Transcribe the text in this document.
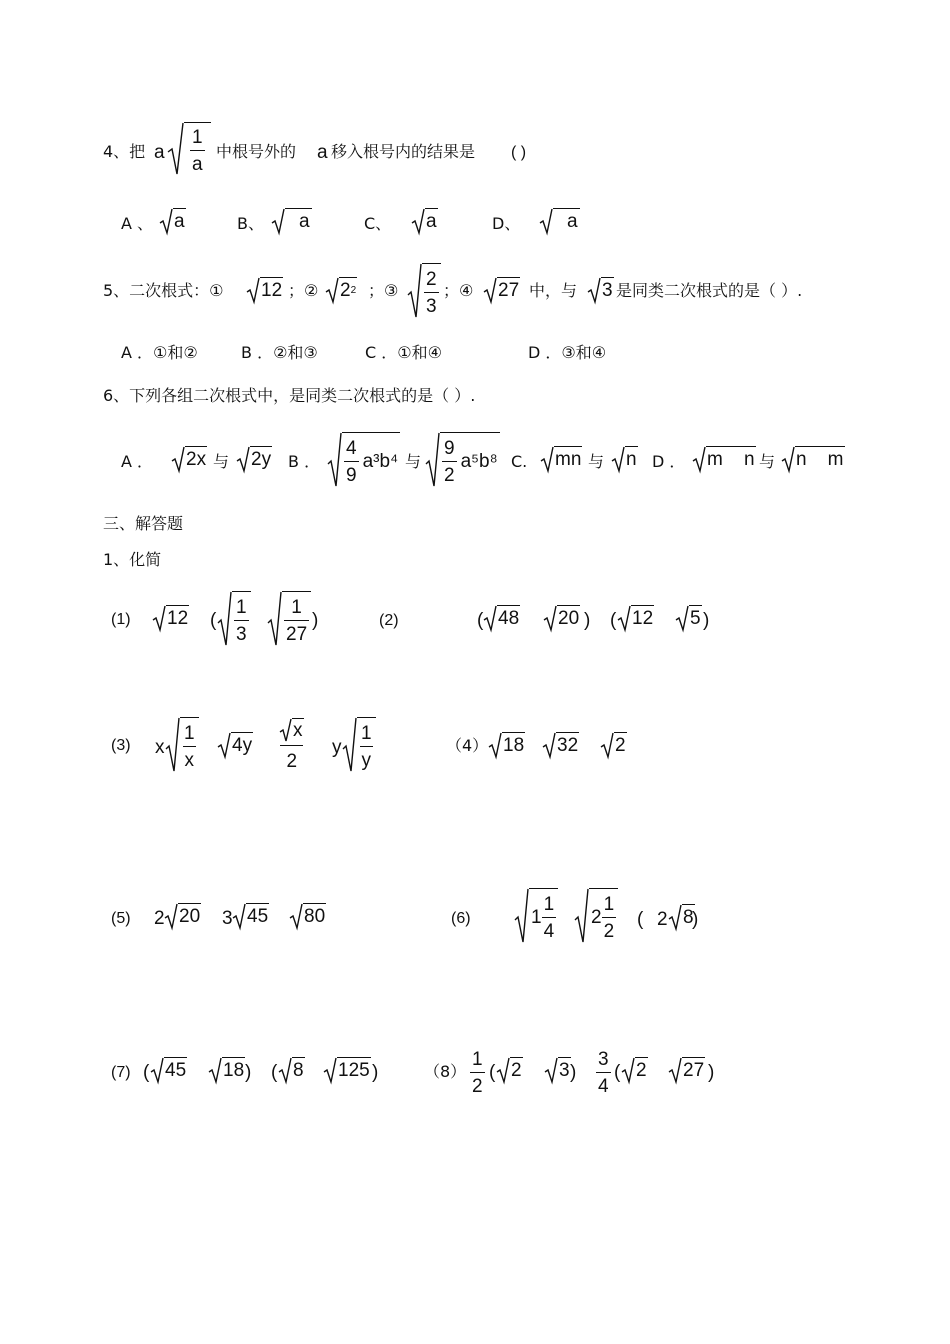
4、把 a
1
a
中根号外的 a 移入根号内的结果是 ( )
A 、 a	B、	a	C、 a	D、	a
5、二次根式：① 12 ；② 2 2 ；③
2
3
；④ 27 中，与 3 是同类二次根式的是（ ）.
A ．①和②	B ．②和③	C ．①和④	D ．③和④
6、下列各组二次根式中，是同类二次根式的是（ ）.
A ． 2x 与 2y B ．
4
9
a³b⁴ 与
9
2
a⁵b⁸ C. mn 与 n D ． m    n 与 n    m
三、解答题
1、化简
(1) 12 (
1
3
1
27
)	(2)	( 48 20 ) ( 12 5 )
(3) x
1
x
4y
x
2
y
1
y
（4） 18 32 2
(5) 2 20 3 45 80	(6)	1
1
4
2
1
2
( 2 8
)
(7) ( 45 18 ) ( 8 125 )	（8）
1
2
( 2 3 )
3
4
( 2 27 )
